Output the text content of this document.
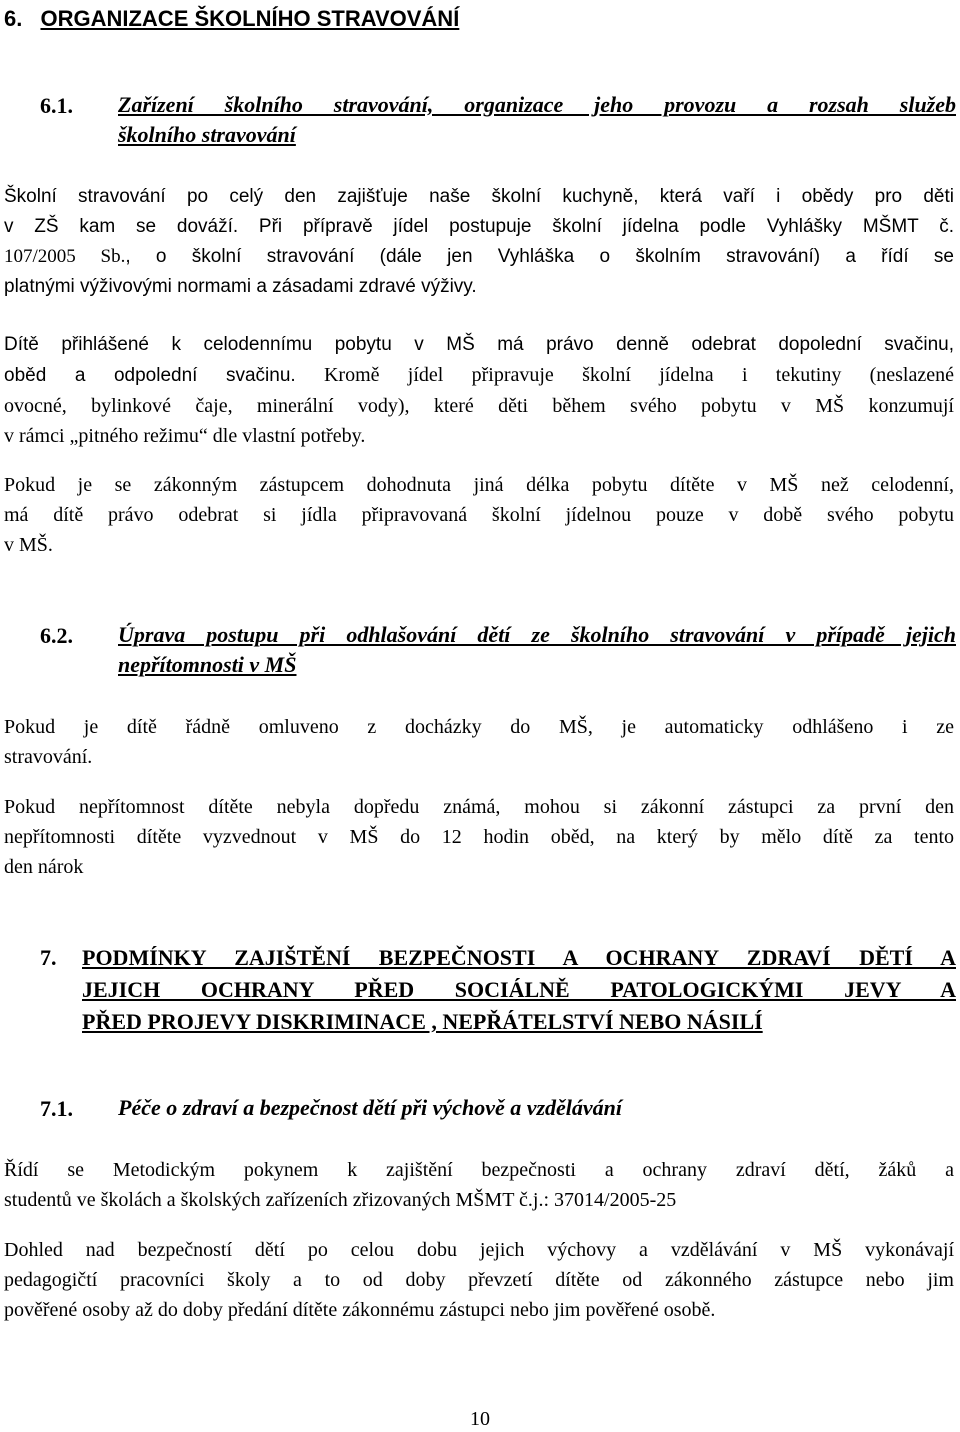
6. ORGANIZACE ŠKOLNÍHO STRAVOVÁNÍ
6.1. Zařízení školního stravování, organizace jeho provozu a rozsah služeb
školního stravování
Školní stravování po celý den zajišťuje naše školní kuchyně, která vaří i obědy pro děti
v ZŠ kam se dováží. Při přípravě jídel postupuje školní jídelna podle Vyhlášky MŠMT č.
107/2005 Sb., o školní stravování (dále jen Vyhláška o školním stravování) a řídí se
platnými výživovými normami a zásadami zdravé výživy.
Dítě přihlášené k celodennímu pobytu v MŠ má právo denně odebrat dopolední svačinu,
oběd a odpolední svačinu. Kromě jídel připravuje školní jídelna i tekutiny (neslazené
ovocné, bylinkové čaje, minerální vody), které děti během svého pobytu v MŠ konzumují
v rámci „pitného režimu“ dle vlastní potřeby.
Pokud je se zákonným zástupcem dohodnuta jiná délka pobytu dítěte v MŠ než celodenní,
má dítě právo odebrat si jídla připravovaná školní jídelnou pouze v době svého pobytu
v MŠ.
6.2. Úprava postupu při odhlašování dětí ze školního stravování v případě jejich
nepřítomnosti v MŠ
Pokud je dítě řádně omluveno z docházky do MŠ, je automaticky odhlášeno i ze
stravování.
Pokud nepřítomnost dítěte nebyla dopředu známá, mohou si zákonní zástupci za první den
nepřítomnosti dítěte vyzvednout v MŠ do 12 hodin oběd, na který by mělo dítě za tento
den nárok
7. PODMÍNKY ZAJIŠTĚNÍ BEZPEČNOSTI A OCHRANY ZDRAVÍ DĚTÍ A
JEJICH OCHRANY PŘED SOCIÁLNĚ PATOLOGICKÝMI JEVY A
PŘED PROJEVY DISKRIMINACE , NEPŘÁTELSTVÍ NEBO NÁSILÍ
7.1. Péče o zdraví a bezpečnost dětí při výchově a vzdělávání
Řídí se Metodickým pokynem k zajištění bezpečnosti a ochrany zdraví dětí, žáků a
studentů ve školách a školských zařízeních zřizovaných MŠMT č.j.: 37014/2005-25
Dohled nad bezpečností dětí po celou dobu jejich výchovy a vzdělávání v MŠ vykonávají
pedagogičtí pracovníci školy a to od doby převzetí dítěte od zákonného zástupce nebo jim
pověřené osoby až do doby předání dítěte zákonnému zástupci nebo jim pověřené osobě.
10
